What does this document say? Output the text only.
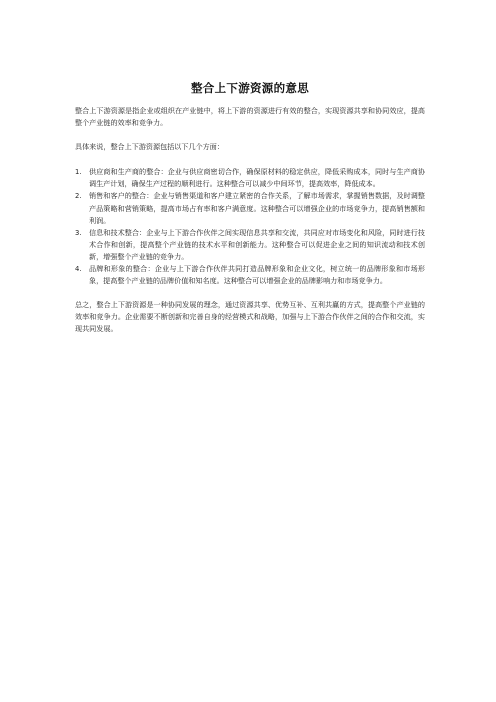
整合上下游资源的意思

整合上下游资源是指企业或组织在产业链中，将上下游的资源进行有效的整合，实现资源共享和协同效应，提高整个产业链的效率和竞争力。

具体来说，整合上下游资源包括以下几个方面：

1. 供应商和生产商的整合：企业与供应商密切合作，确保原材料的稳定供应，降低采购成本，同时与生产商协调生产计划，确保生产过程的顺利进行。这种整合可以减少中间环节，提高效率，降低成本。
2. 销售和客户的整合：企业与销售渠道和客户建立紧密的合作关系，了解市场需求，掌握销售数据，及时调整产品策略和营销策略，提高市场占有率和客户满意度。这种整合可以增强企业的市场竞争力，提高销售额和利润。
3. 信息和技术整合：企业与上下游合作伙伴之间实现信息共享和交流，共同应对市场变化和风险，同时进行技术合作和创新，提高整个产业链的技术水平和创新能力。这种整合可以促进企业之间的知识流动和技术创新，增强整个产业链的竞争力。
4. 品牌和形象的整合：企业与上下游合作伙伴共同打造品牌形象和企业文化，树立统一的品牌形象和市场形象，提高整个产业链的品牌价值和知名度。这种整合可以增强企业的品牌影响力和市场竞争力。

总之，整合上下游资源是一种协同发展的理念，通过资源共享、优势互补、互利共赢的方式，提高整个产业链的效率和竞争力。企业需要不断创新和完善自身的经营模式和战略，加强与上下游合作伙伴之间的合作和交流，实现共同发展。
